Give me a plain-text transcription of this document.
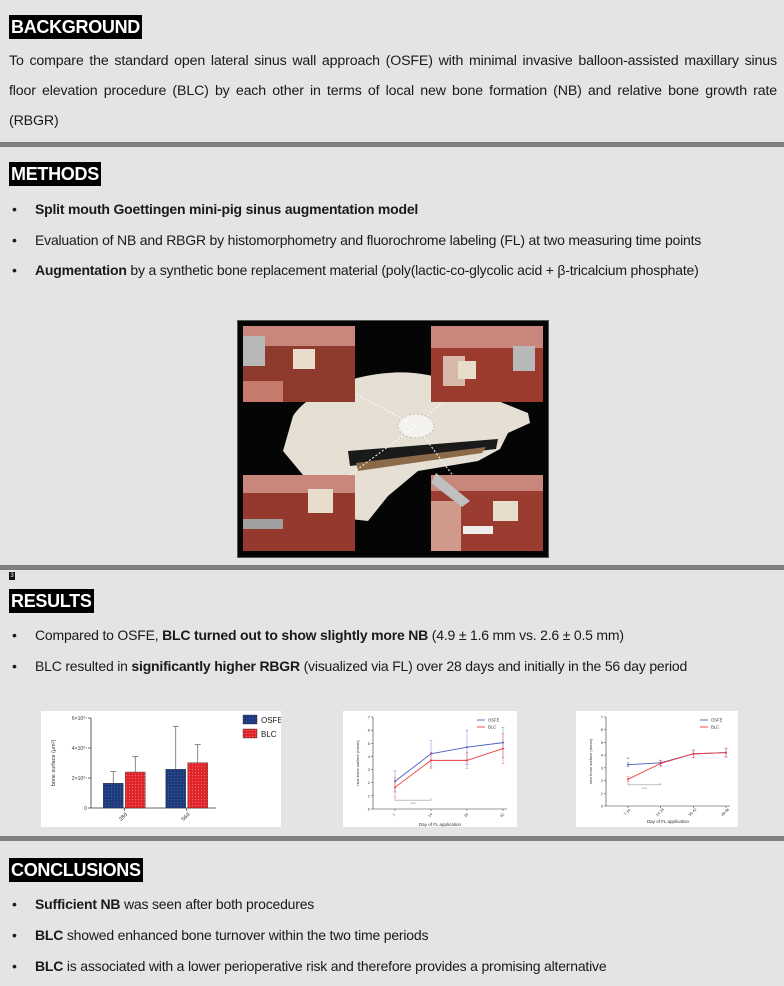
BACKGROUND
To compare the standard open lateral sinus wall approach (OSFE) with minimal invasive balloon-assisted maxillary sinus floor elevation procedure (BLC) by each other in terms of local new bone formation (NB) and relative bone growth rate (RBGR)
METHODS
• Split mouth Goettingen mini-pig sinus augmentation model
• Evaluation of NB and RBGR by histomorphometry and fluorochrome labeling (FL) at two measuring time points
• Augmentation by a synthetic bone replacement material (poly(lactic-co-glycolic acid + β-tricalcium phosphate)
3
RESULTS
• Compared to OSFE, BLC turned out to show slightly more NB (4.9 ± 1.6 mm vs. 2.6 ± 0.5 mm)
• BLC resulted in significantly higher RBGR (visualized via FL) over 28 days and initially in the 56 day period
0
2×10⁰⁷
4×10⁰⁷
6×10⁰⁷
bone surface (µm²)
28d	56d
OSFE
BLC
0
1
2
3
4
5
6
7
new bone surface (mean)
7	14	28	42
Day of FL application
OSFE
BLC
****	0
1
2
3
4
5
6
7
new bone surface (mean)
7-14	14-28	35-42	49-56
Day of FL application
OSFE
BLC
****
**
CONCLUSIONS
• Sufficient NB was seen after both procedures
• BLC showed enhanced bone turnover within the two time periods
• BLC is associated with a lower perioperative risk and therefore provides a promising alternative
